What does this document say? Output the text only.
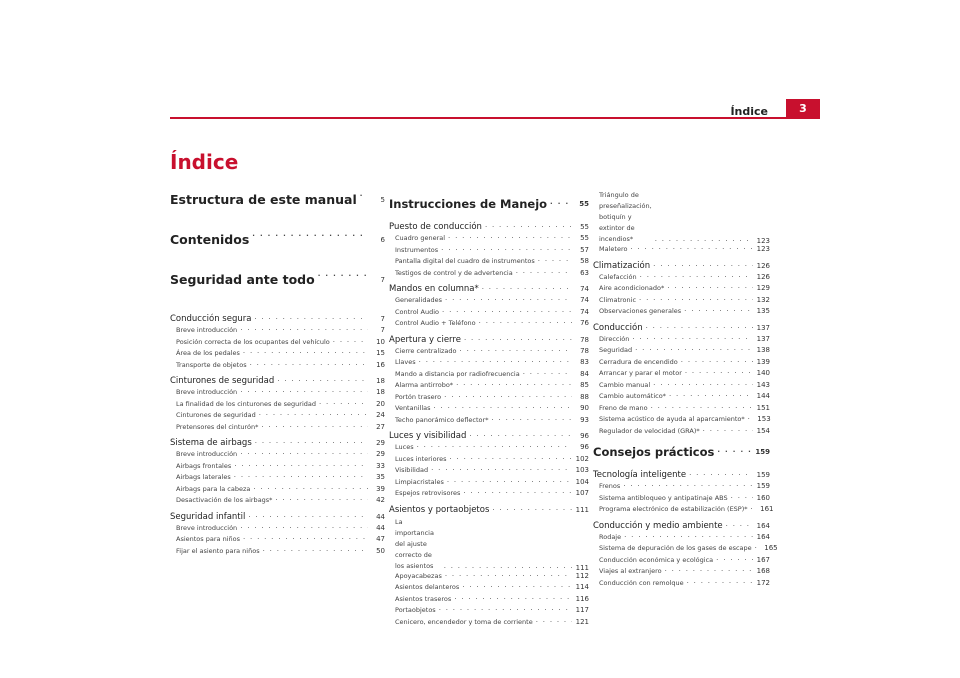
Índice	3
Índice
Estructura de este manual · · ·	5
Contenidos · · ·	6
Seguridad ante todo · · ·	7
Conducción segura · · ·	7
Breve introducción · · ·	7
Posición correcta de los ocupantes del vehículo · · ·	10
Área de los pedales · · ·	15
Transporte de objetos · · ·	16
Cinturones de seguridad · · ·	18
Breve introducción · · ·	18
La finalidad de los cinturones de seguridad · · ·	20
Cinturones de seguridad · · ·	24
Pretensores del cinturón* · · ·	27
Sistema de airbags · · ·	29
Breve introducción · · ·	29
Airbags frontales · · ·	33
Airbags laterales · · ·	35
Airbags para la cabeza · · ·	39
Desactivación de los airbags* · · ·	42
Seguridad infantil · · ·	44
Breve introducción · · ·	44
Asientos para niños · · ·	47
Fijar el asiento para niños · · ·	50
Instrucciones de Manejo · · ·	55
Puesto de conducción · · ·	55
Cuadro general · · ·	55
Instrumentos · · ·	57
Pantalla digital del cuadro de instrumentos · · ·	58
Testigos de control y de advertencia · · ·	63
Mandos en columna* · · ·	74
Generalidades · · ·	74
Control Audio · · ·	74
Control Audio + Teléfono · · ·	76
Apertura y cierre · · ·	78
Cierre centralizado · · ·	78
Llaves · · ·	83
Mando a distancia por radiofrecuencia · · ·	84
Alarma antirrobo* · · ·	85
Portón trasero · · ·	88
Ventanillas · · ·	90
Techo panorámico deflector* · · ·	93
Luces y visibilidad · · ·	96
Luces · · ·	96
Luces interiores · · ·	102
Visibilidad · · ·	103
Limpiacristales · · ·	104
Espejos retrovisores · · ·	107
Asientos y portaobjetos · · ·	111
La importancia del ajuste correcto de los asientos · · ·	111
Apoyacabezas · · ·	112
Asientos delanteros · · ·	114
Asientos traseros · · ·	116
Portaobjetos · · ·	117
Cenicero, encendedor y toma de corriente · · ·	121
Triángulo de preseñalización, botiquín y extintor de incendios* · · ·	123
Maletero · · ·	123
Climatización · · ·	126
Calefacción · · ·	126
Aire acondicionado* · · ·	129
Climatronic · · ·	132
Observaciones generales · · ·	135
Conducción · · ·	137
Dirección · · ·	137
Seguridad · · ·	138
Cerradura de encendido · · ·	139
Arrancar y parar el motor · · ·	140
Cambio manual · · ·	143
Cambio automático* · · ·	144
Freno de mano · · ·	151
Sistema acústico de ayuda al aparcamiento* · · · 153
Regulador de velocidad (GRA)* · · ·	154
Consejos prácticos · · ·	159
Tecnología inteligente · · ·	159
Frenos · · ·	159
Sistema antibloqueo y antipatinaje ABS · · ·	160
Programa electrónico de estabilización (ESP)* · · · 161
Conducción y medio ambiente · · ·	164
Rodaje · · ·	164
Sistema de depuración de los gases de escape · · · 165
Conducción económica y ecológica · · ·	167
Viajes al extranjero · · ·	168
Conducción con remolque · · ·	172
